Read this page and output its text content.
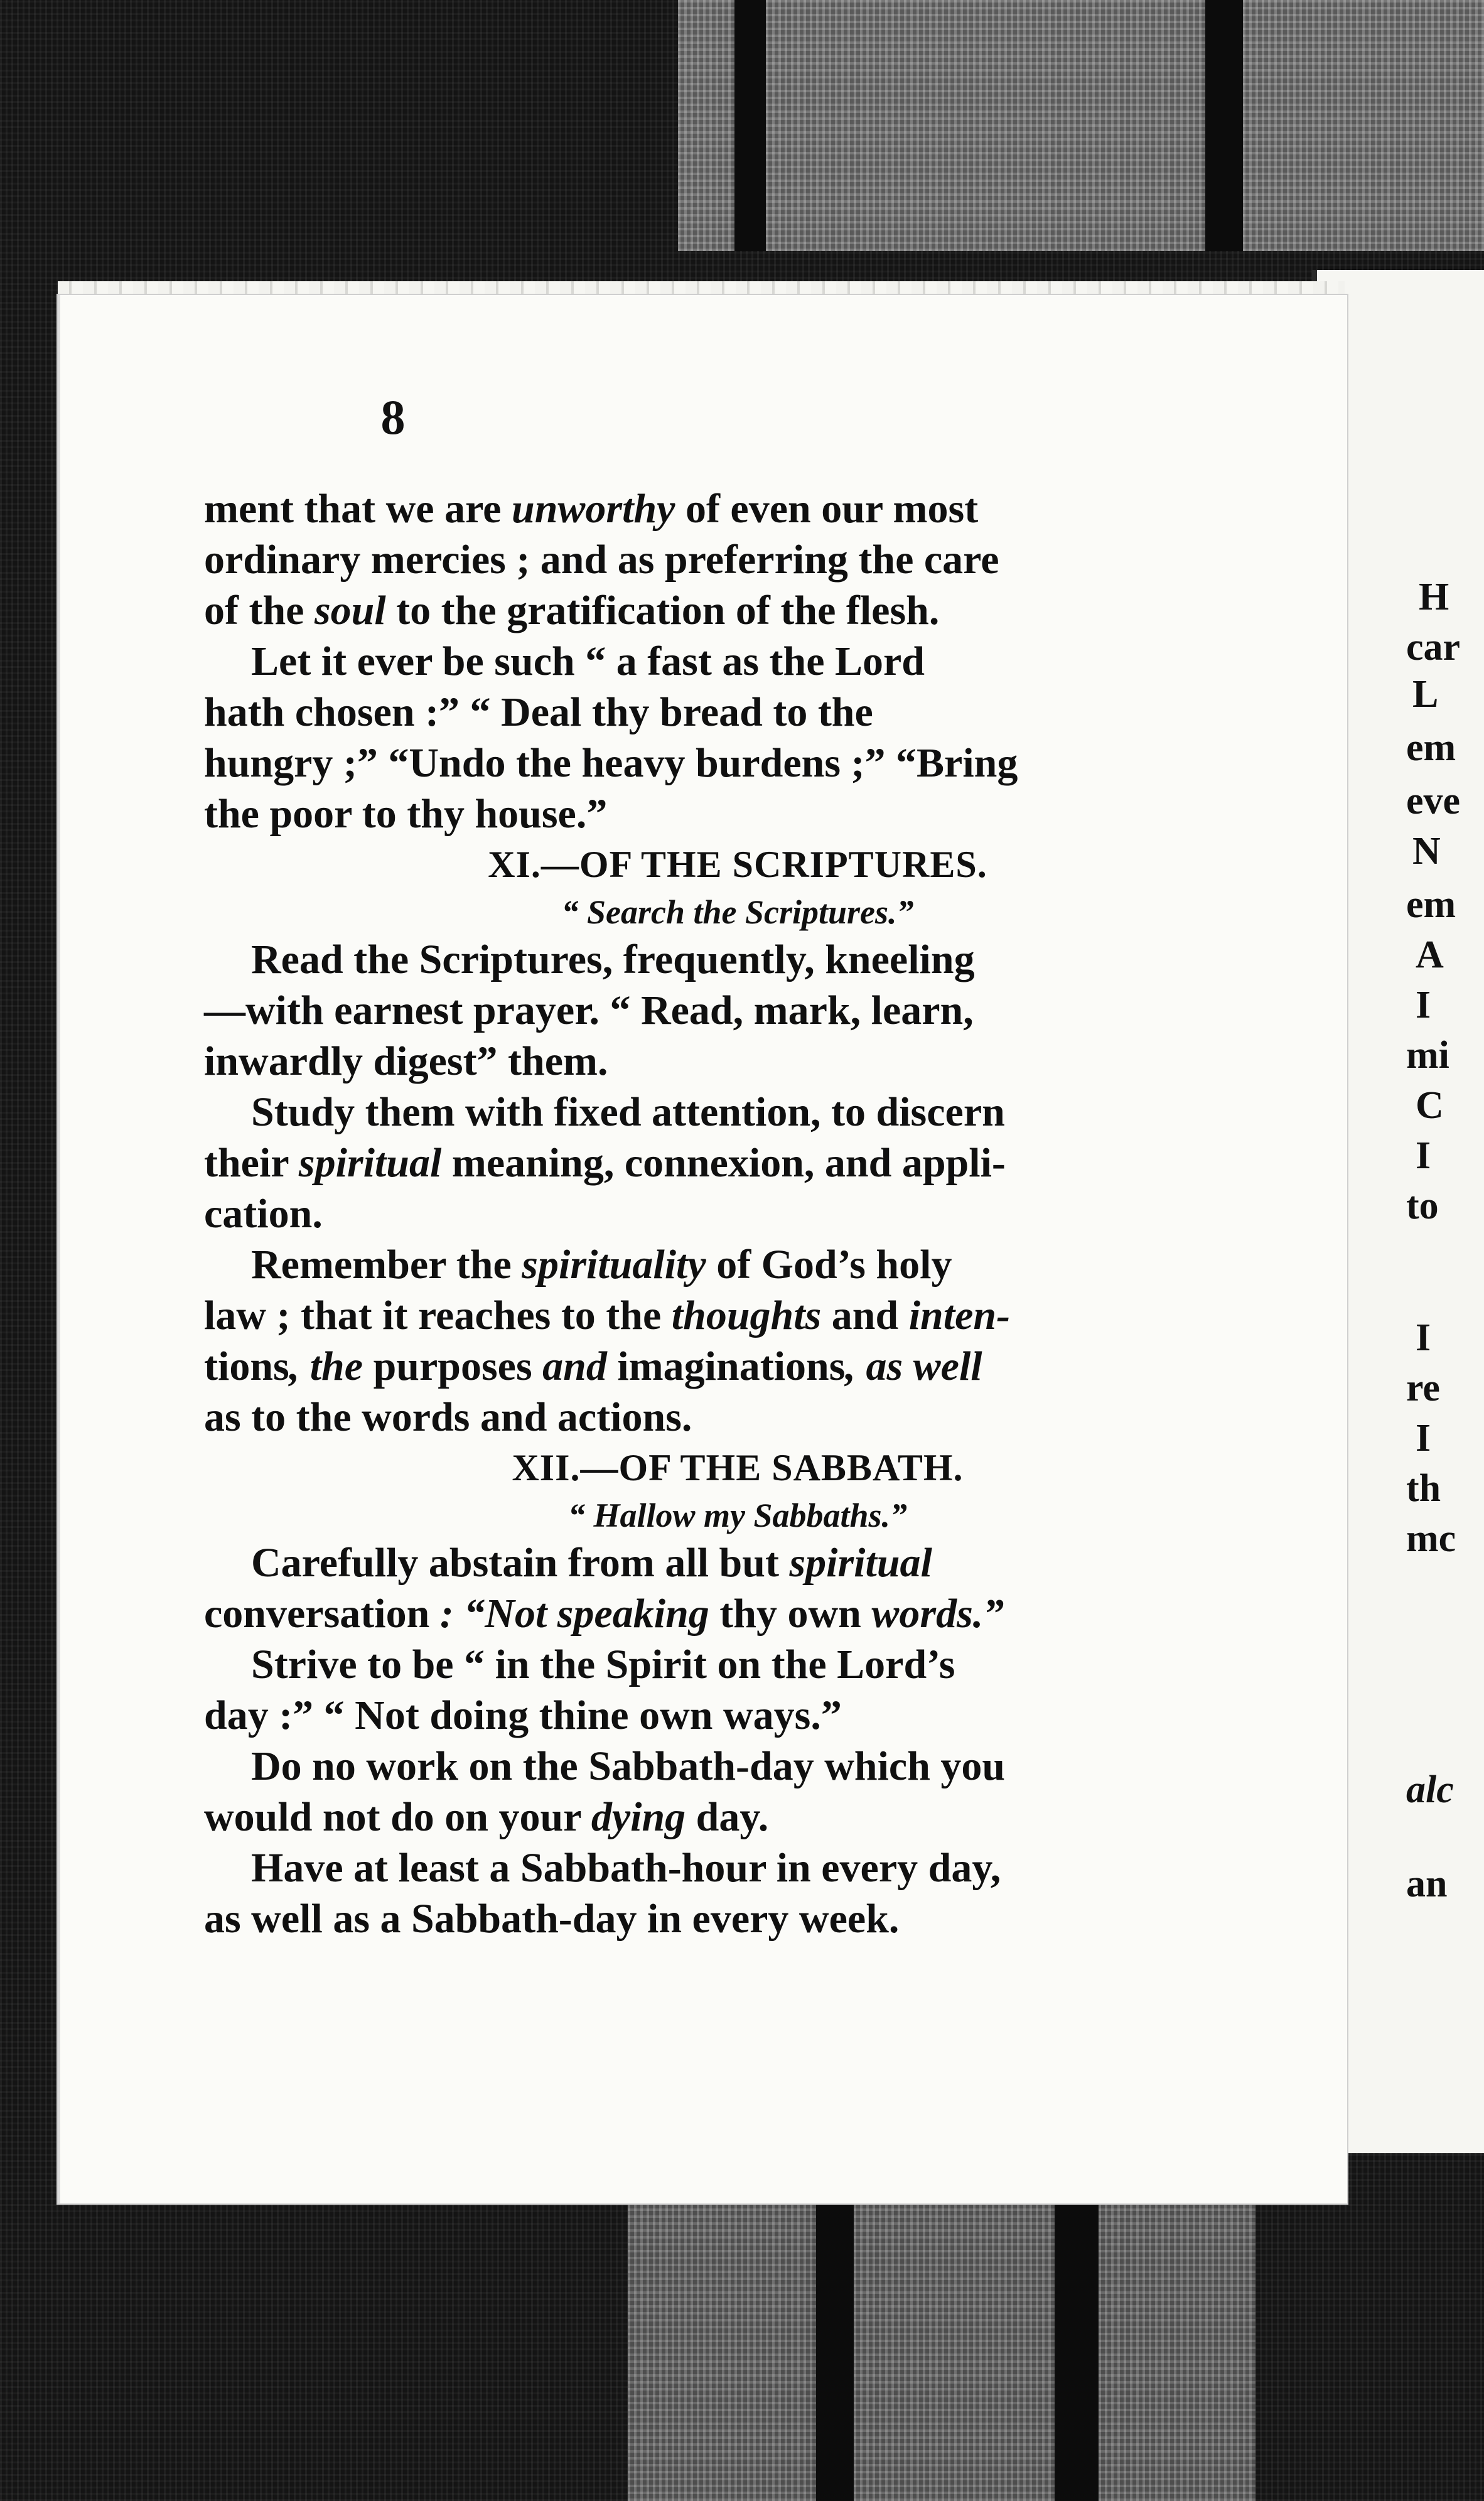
H
car
L
em
eve
N
em
A
I
mi
C
I
to
I
re
I
th
mc
alc
an
8
ment that we are unworthy of even our most
ordinary mercies ; and as preferring the care
of the soul to the gratification of the flesh.
Let it ever be such “ a fast as the Lord
hath chosen :” “ Deal thy bread to the
hungry ;” “Undo the heavy burdens ;” “Bring
the poor to thy house.”
XI.—OF THE SCRIPTURES.
“ Search the Scriptures.”
Read the Scriptures, frequently, kneeling
—with earnest prayer. “ Read, mark, learn,
inwardly digest” them.
Study them with fixed attention, to discern
their spiritual meaning, connexion, and appli-
cation.
Remember the spirituality of God’s holy
law ; that it reaches to the thoughts and inten-
tions, the purposes and imaginations, as well
as to the words and actions.
XII.—OF THE SABBATH.
“ Hallow my Sabbaths.”
Carefully abstain from all but spiritual
conversation : “Not speaking thy own words.”
Strive to be “ in the Spirit on the Lord’s
day :” “ Not doing thine own ways.”
Do no work on the Sabbath-day which you
would not do on your dying day.
Have at least a Sabbath-hour in every day,
as well as a Sabbath-day in every week.
